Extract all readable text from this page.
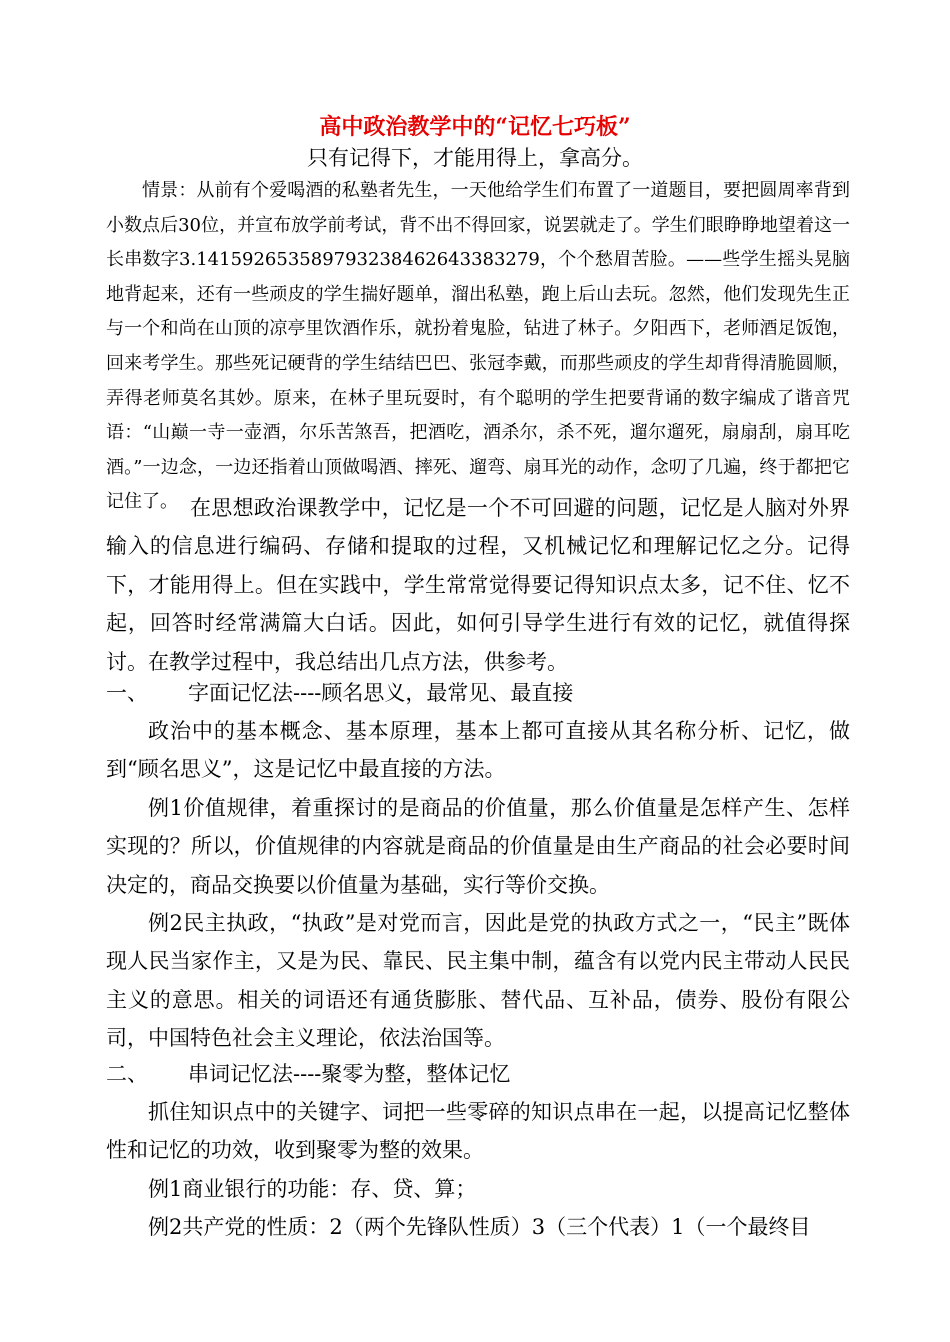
高中政治教学中的“记忆七巧板”
只有记得下，才能用得上，拿高分。

情景：从前有个爱喝酒的私塾者先生，一天他给学生们布置了一道题目，要把圆周率背到小数点后30位，并宣布放学前考试，背不出不得回家，说罢就走了。学生们眼睁睁地望着这一长串数字3.141592653589793238462643383279，个个愁眉苦脸。——些学生摇头晃脑地背起来，还有一些顽皮的学生揣好题单，溜出私塾，跑上后山去玩。忽然，他们发现先生正与一个和尚在山顶的凉亭里饮酒作乐，就扮着鬼脸，钻进了林子。夕阳西下，老师酒足饭饱，回来考学生。那些死记硬背的学生结结巴巴、张冠李戴，而那些顽皮的学生却背得清脆圆顺，弄得老师莫名其妙。原来，在林子里玩耍时，有个聪明的学生把要背诵的数字编成了谐音咒语：“山巅一寺一壶酒，尔乐苦煞吾，把酒吃，酒杀尔，杀不死，遛尔遛死，扇扇刮，扇耳吃酒。”一边念，一边还指着山顶做喝酒、摔死、遛弯、扇耳光的动作，念叨了几遍，终于都把它记住了。 在思想政治课教学中，记忆是一个不可回避的问题，记忆是人脑对外界输入的信息进行编码、存储和提取的过程，又机械记忆和理解记忆之分。记得下，才能用得上。但在实践中，学生常常觉得要记得知识点太多，记不住、忆不起，回答时经常满篇大白话。因此，如何引导学生进行有效的记忆，就值得探讨。在教学过程中，我总结出几点方法，供参考。

一、 字面记忆法----顾名思义，最常见、最直接

政治中的基本概念、基本原理，基本上都可直接从其名称分析、记忆，做到“顾名思义”，这是记忆中最直接的方法。

例1价值规律，着重探讨的是商品的价值量，那么价值量是怎样产生、怎样实现的？所以，价值规律的内容就是商品的价值量是由生产商品的社会必要时间决定的，商品交换要以价值量为基础，实行等价交换。

例2民主执政，“执政”是对党而言，因此是党的执政方式之一，“民主”既体现人民当家作主，又是为民、靠民、民主集中制，蕴含有以党内民主带动人民民主义的意思。相关的词语还有通货膨胀、替代品、互补品，债券、股份有限公司，中国特色社会主义理论，依法治国等。

二、 串词记忆法----聚零为整，整体记忆

抓住知识点中的关键字、词把一些零碎的知识点串在一起，以提高记忆整体性和记忆的功效，收到聚零为整的效果。

例1商业银行的功能：存、贷、算；

例2共产党的性质：2（两个先锋队性质）3（三个代表）1（一个最终目
